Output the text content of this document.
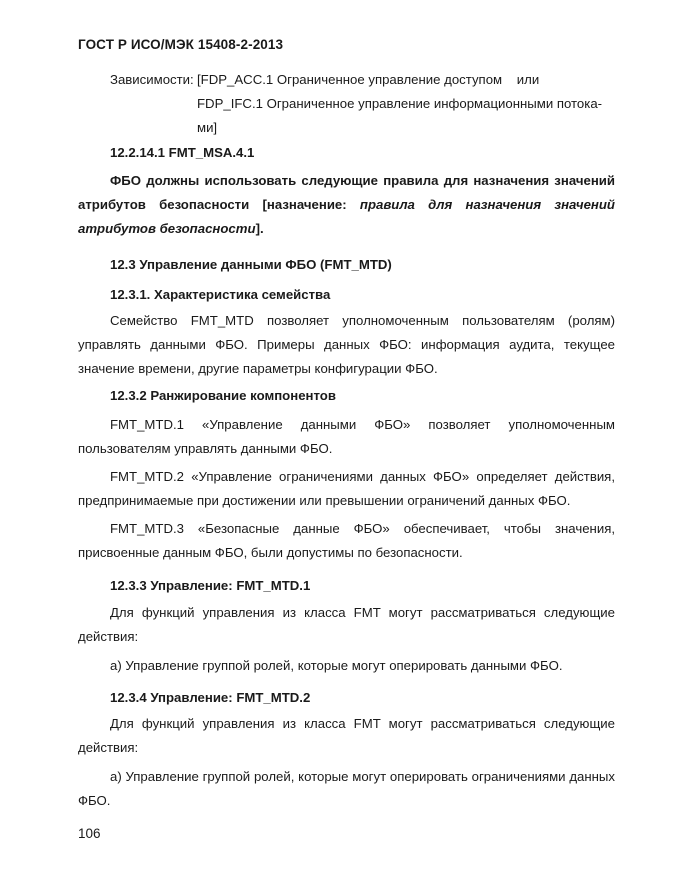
ГОСТ Р ИСО/МЭК 15408-2-2013
Зависимости: [FDP_ACC.1 Ограниченное управление доступом    или
FDP_IFC.1 Ограниченное управление информационными потока-
ми]
12.2.14.1 FMT_MSA.4.1
ФБО должны использовать следующие правила для назначения значений атрибутов безопасности [назначение: правила для назначения значений атрибутов безопасности].
12.3 Управление данными ФБО (FMT_MTD)
12.3.1. Характеристика семейства
Семейство FMT_MTD позволяет уполномоченным пользователям (ролям) управлять данными ФБО. Примеры данных ФБО: информация аудита, текущее значение времени, другие параметры конфигурации ФБО.
12.3.2 Ранжирование компонентов
FMT_MTD.1 «Управление данными ФБО» позволяет уполномоченным пользователям управлять данными ФБО.
FMT_MTD.2 «Управление ограничениями данных ФБО» определяет действия, предпринимаемые при достижении или превышении ограничений данных ФБО.
FMT_MTD.3 «Безопасные данные ФБО» обеспечивает, чтобы значения, присвоенные данным ФБО, были допустимы по безопасности.
12.3.3 Управление: FMT_MTD.1
Для функций управления из класса FMT могут рассматриваться следующие действия:
а) Управление группой ролей, которые могут оперировать данными ФБО.
12.3.4 Управление: FMT_MTD.2
Для функций управления из класса FMT могут рассматриваться следующие действия:
а) Управление группой ролей, которые могут оперировать ограничениями данных ФБО.
106
